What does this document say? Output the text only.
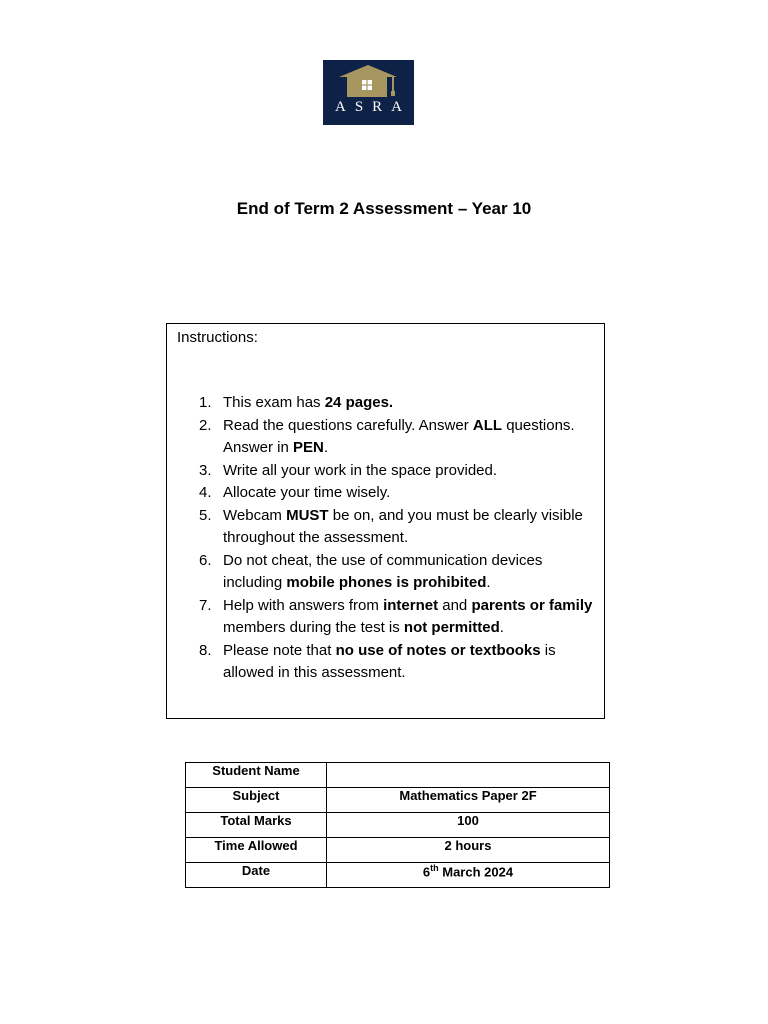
ASRA
End of Term 2 Assessment – Year 10
Instructions:
1. This exam has 24 pages.
2. Read the questions carefully. Answer ALL questions. Answer in PEN.
3. Write all your work in the space provided.
4. Allocate your time wisely.
5. Webcam MUST be on, and you must be clearly visible throughout the assessment.
6. Do not cheat, the use of communication devices including mobile phones is prohibited.
7. Help with answers from internet and parents or family members during the test is not permitted.
8. Please note that no use of notes or textbooks is allowed in this assessment.
Student Name	
Subject	Mathematics Paper 2F
Total Marks	100
Time Allowed	2 hours
Date	6th March 2024
